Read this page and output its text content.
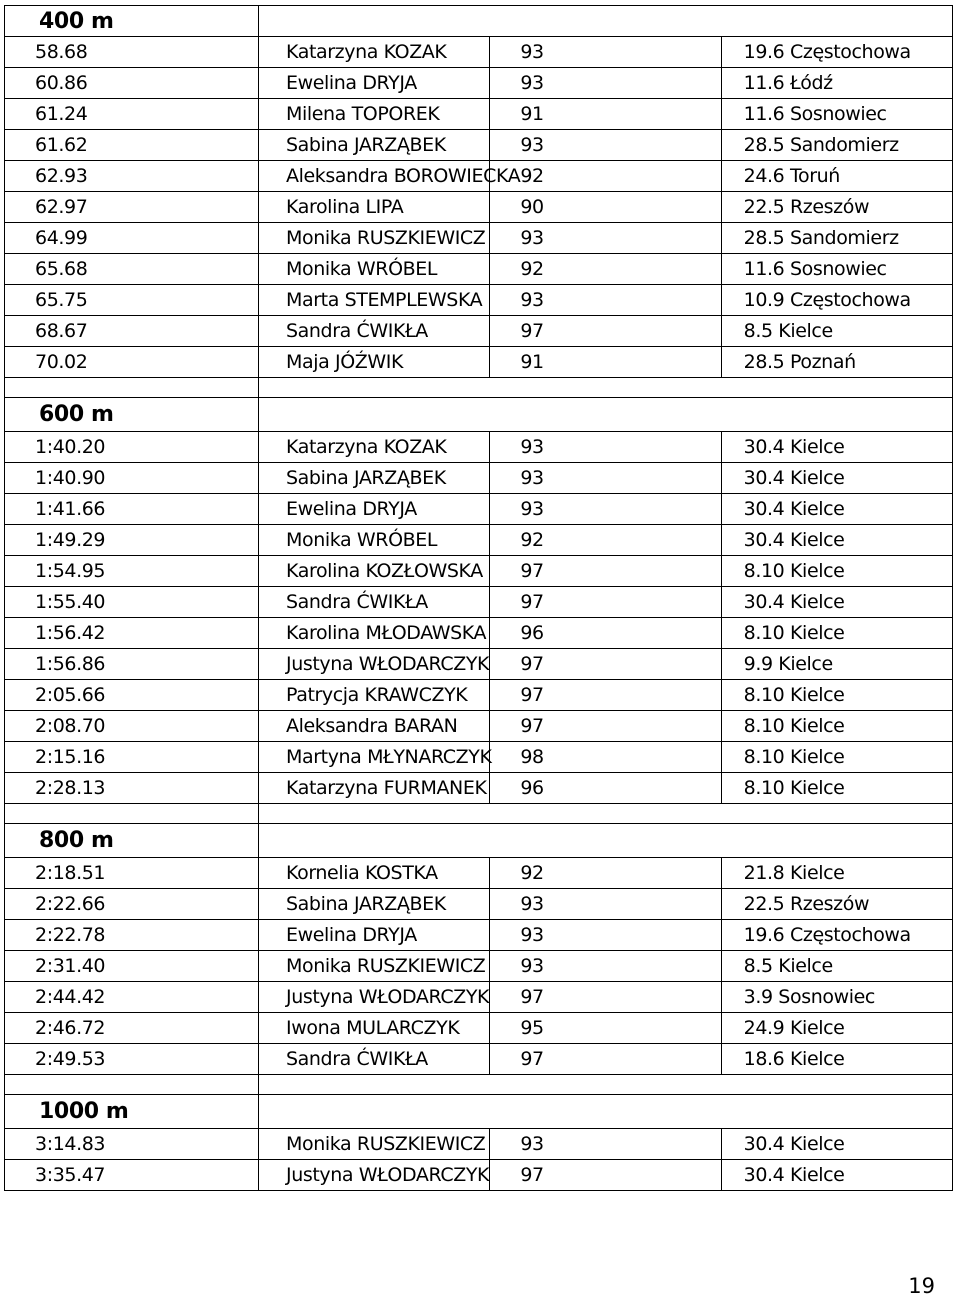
400 m			
58.68	Katarzyna KOZAK	93	19.6 Częstochowa
60.86	Ewelina DRYJA	93	11.6 Łódź
61.24	Milena TOPOREK	91	11.6 Sosnowiec
61.62	Sabina JARZĄBEK	93	28.5 Sandomierz
62.93	Aleksandra BOROWIECKA	92	24.6 Toruń
62.97	Karolina LIPA	90	22.5 Rzeszów
64.99	Monika RUSZKIEWICZ	93	28.5 Sandomierz
65.68	Monika WRÓBEL	92	11.6 Sosnowiec
65.75	Marta STEMPLEWSKA	93	10.9 Częstochowa
68.67	Sandra ĆWIKŁA	97	8.5 Kielce
70.02	Maja JÓŹWIK	91	28.5 Poznań

600 m			
1:40.20	Katarzyna KOZAK	93	30.4 Kielce
1:40.90	Sabina JARZĄBEK	93	30.4 Kielce
1:41.66	Ewelina DRYJA	93	30.4 Kielce
1:49.29	Monika WRÓBEL	92	30.4 Kielce
1:54.95	Karolina KOZŁOWSKA	97	8.10 Kielce
1:55.40	Sandra ĆWIKŁA	97	30.4 Kielce
1:56.42	Karolina MŁODAWSKA	96	8.10 Kielce
1:56.86	Justyna WŁODARCZYK	97	9.9 Kielce
2:05.66	Patrycja KRAWCZYK	97	8.10 Kielce
2:08.70	Aleksandra BARAN	97	8.10 Kielce
2:15.16	Martyna MŁYNARCZYK	98	8.10 Kielce
2:28.13	Katarzyna FURMANEK	96	8.10 Kielce

800 m			
2:18.51	Kornelia KOSTKA	92	21.8 Kielce
2:22.66	Sabina JARZĄBEK	93	22.5 Rzeszów
2:22.78	Ewelina DRYJA	93	19.6 Częstochowa
2:31.40	Monika RUSZKIEWICZ	93	8.5 Kielce
2:44.42	Justyna WŁODARCZYK	97	3.9 Sosnowiec
2:46.72	Iwona MULARCZYK	95	24.9 Kielce
2:49.53	Sandra ĆWIKŁA	97	18.6 Kielce

1000 m			
3:14.83	Monika RUSZKIEWICZ	93	30.4 Kielce
3:35.47	Justyna WŁODARCZYK	97	30.4 Kielce
19
